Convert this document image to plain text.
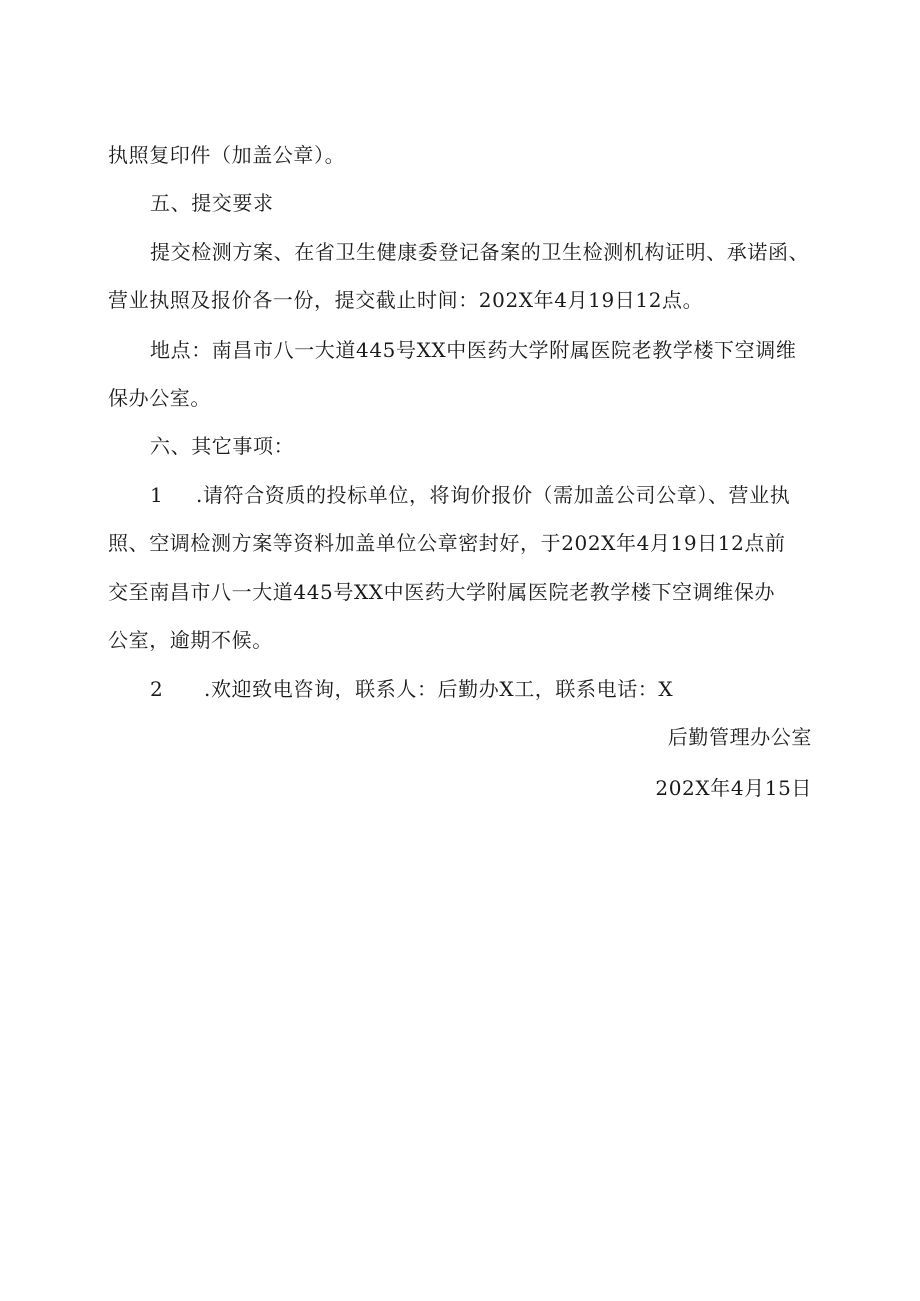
执照复印件（加盖公章）。
五、提交要求
提交检测方案、在省卫生健康委登记备案的卫生检测机构证明、承诺函、
营业执照及报价各一份，提交截止时间：202X年4月19日12点。
地点：南昌市八一大道445号XX中医药大学附属医院老教学楼下空调维
保办公室。
六、其它事项：
1 .请符合资质的投标单位，将询价报价（需加盖公司公章）、营业执
照、空调检测方案等资料加盖单位公章密封好，于202X年4月19日12点前
交至南昌市八一大道445号XX中医药大学附属医院老教学楼下空调维保办
公室，逾期不候。
2 .欢迎致电咨询，联系人：后勤办X工，联系电话：X
后勤管理办公室
202X年4月15日
